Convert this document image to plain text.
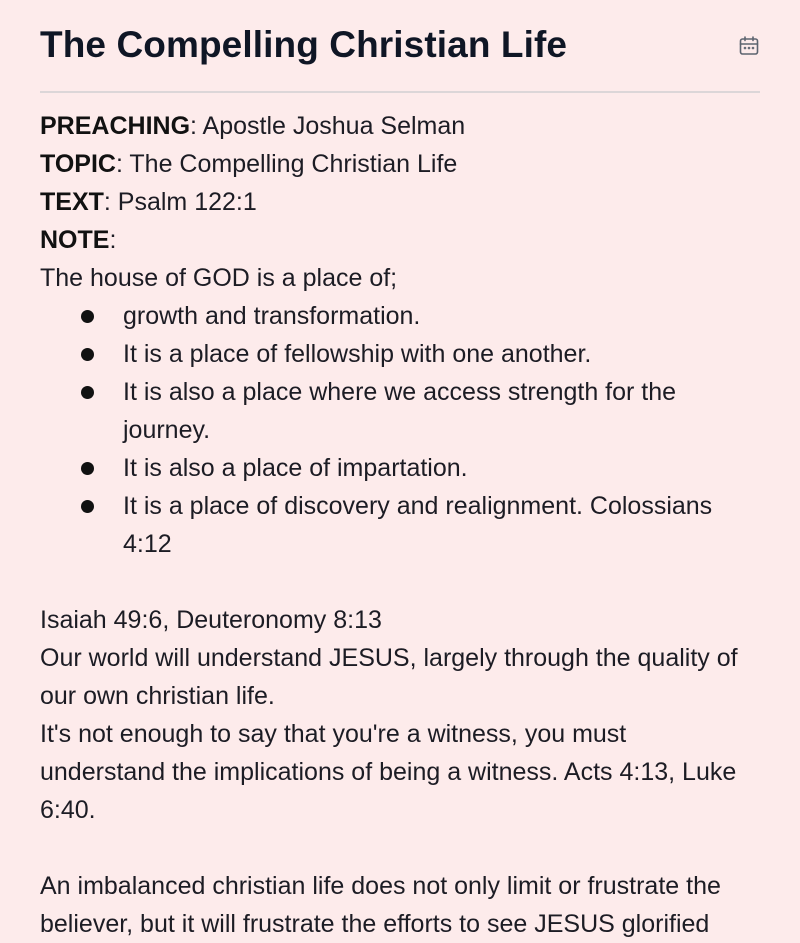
The Compelling Christian Life
PREACHING: Apostle Joshua Selman
TOPIC: The Compelling Christian Life
TEXT: Psalm 122:1
NOTE:
The house of GOD is a place of;
growth and transformation.
It is a place of fellowship with one another.
It is also a place where we access strength for the journey.
It is also a place of impartation.
It is a place of discovery and realignment. Colossians 4:12

Isaiah 49:6, Deuteronomy 8:13

Our world will understand JESUS, largely through the quality of our own christian life.

It's not enough to say that you're a witness, you must understand the implications of being a witness. Acts 4:13, Luke 6:40.

An imbalanced christian life does not only limit or frustrate the believer, but it will frustrate the efforts to see JESUS glorified
